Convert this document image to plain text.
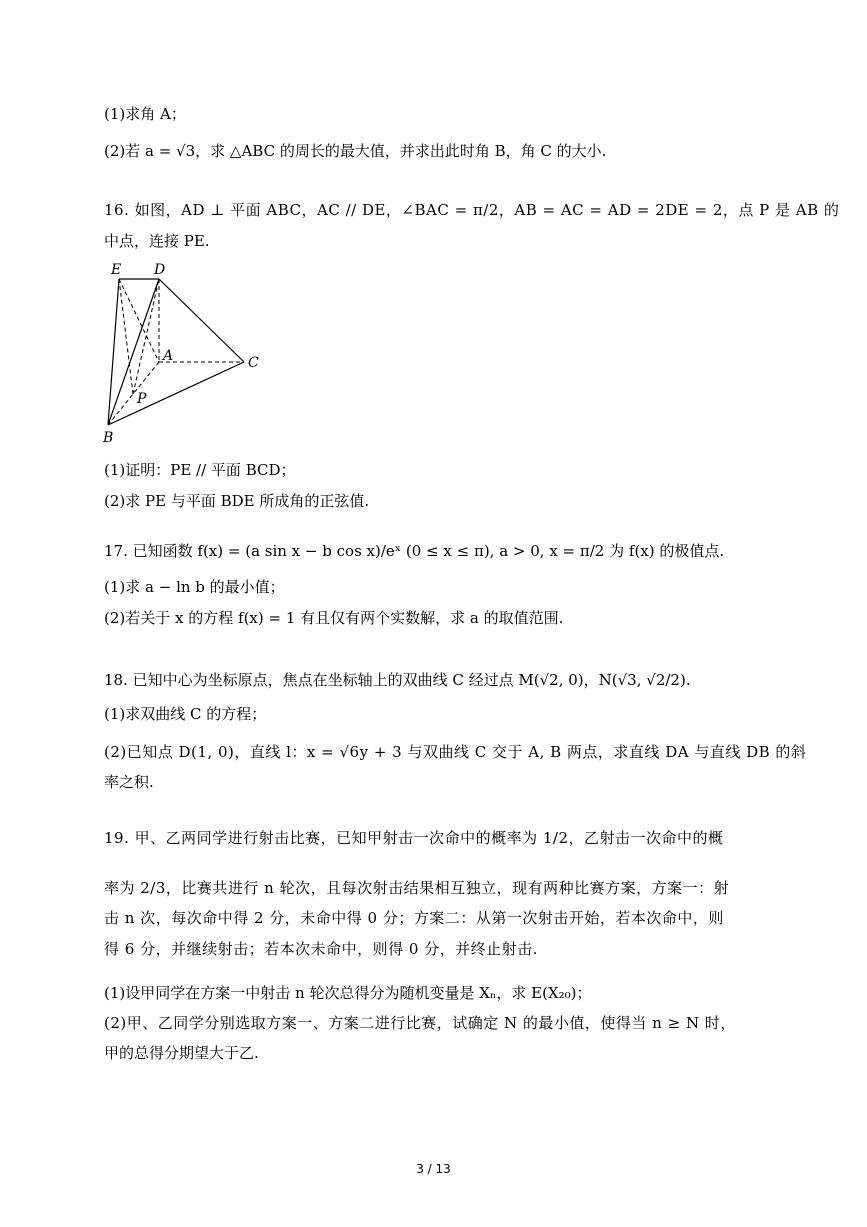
(1)求角 A；
(2)若 a = √3，求 △ABC 的周长的最大值，并求出此时角 B，角 C 的大小.
16. 如图，AD ⊥ 平面 ABC，AC // DE，∠BAC = π/2，AB = AC = AD = 2DE = 2，点 P 是 AB 的
中点，连接 PE.
E D
A	C
P
B
(1)证明：PE // 平面 BCD；
(2)求 PE 与平面 BDE 所成角的正弦值.
17. 已知函数 f(x) = (a sin x − b cos x)/eˣ (0 ≤ x ≤ π), a > 0, x = π/2 为 f(x) 的极值点.
(1)求 a − ln b 的最小值；
(2)若关于 x 的方程 f(x) = 1 有且仅有两个实数解，求 a 的取值范围.
18. 已知中心为坐标原点，焦点在坐标轴上的双曲线 C 经过点 M(√2, 0)，N(√3, √2/2).
(1)求双曲线 C 的方程；
(2)已知点 D(1, 0)，直线 l：x = √6y + 3 与双曲线 C 交于 A, B 两点，求直线 DA 与直线 DB 的斜
率之积.
19. 甲、乙两同学进行射击比赛，已知甲射击一次命中的概率为 1/2，乙射击一次命中的概
率为 2/3，比赛共进行 n 轮次，且每次射击结果相互独立，现有两种比赛方案，方案一：射
击 n 次，每次命中得 2 分，未命中得 0 分；方案二：从第一次射击开始，若本次命中，则
得 6 分，并继续射击；若本次未命中，则得 0 分，并终止射击.
(1)设甲同学在方案一中射击 n 轮次总得分为随机变量是 Xₙ，求 E(X₂₀)；
(2)甲、乙同学分别选取方案一、方案二进行比赛，试确定 N 的最小值，使得当 n ≥ N 时，
甲的总得分期望大于乙.
3 / 13
